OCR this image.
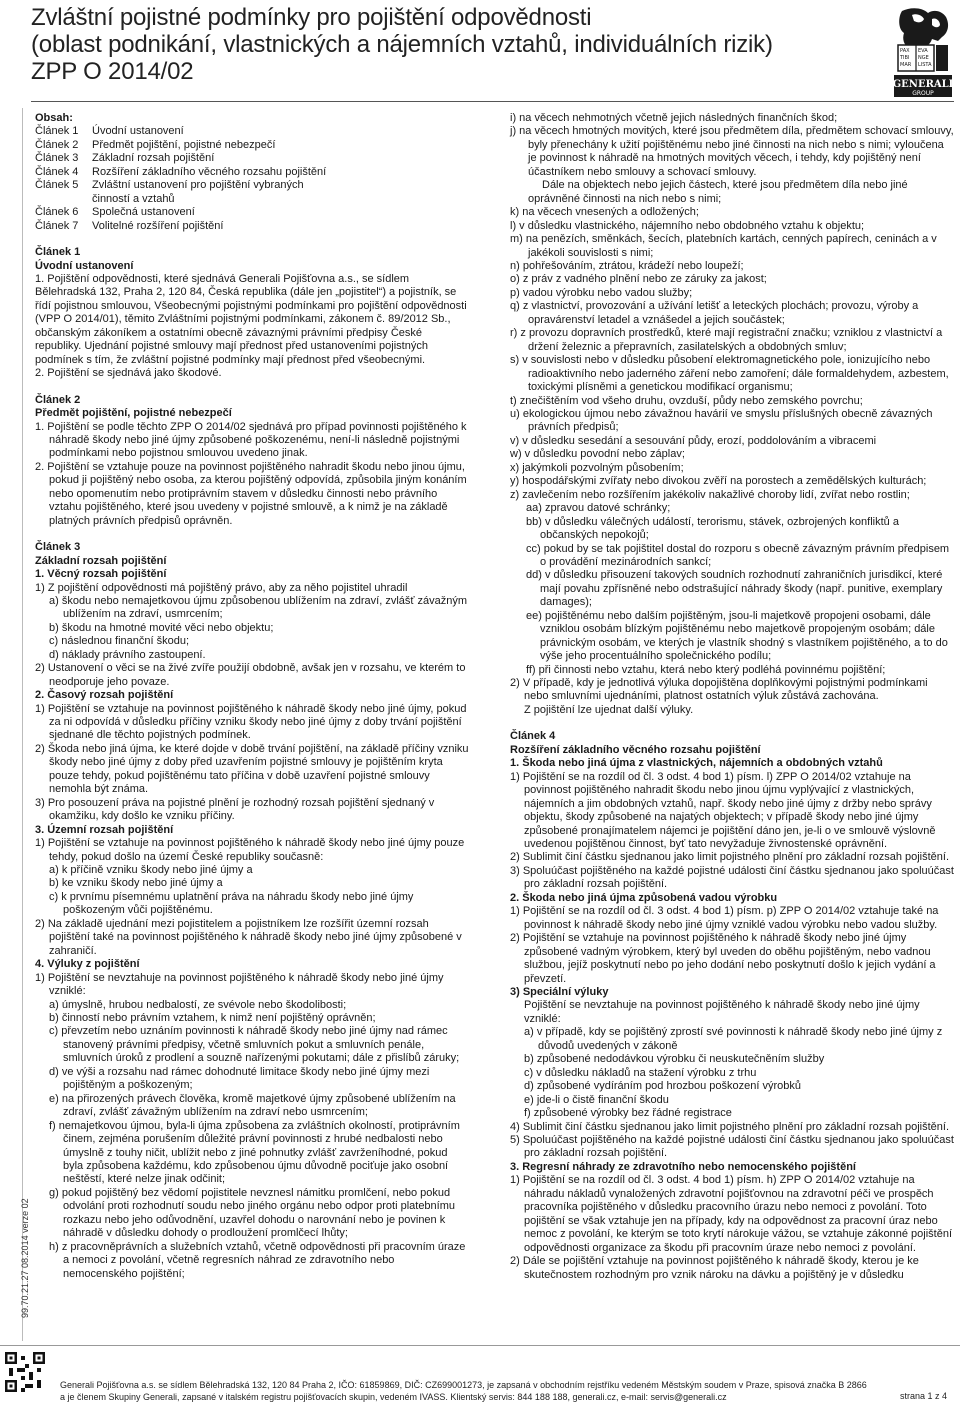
Zvláštní pojistné podmínky pro pojištění odpovědnosti
(oblast podnikání, vlastnických a nájemních vztahů, individuálních rizik)
ZPP O 2014/02
PAX EVA
TIBI NGE
MAR LISTA
GENERALI
GROUP
99.70.21.27 08.2014 verze 02

Obsah:

Článek 1	Úvodní ustanovení
Článek 2	Předmět pojištění, pojistné nebezpečí
Článek 3	Základní rozsah pojištění
Článek 4	Rozšíření základního věcného rozsahu pojištění
Článek 5	Zvláštní ustanovení pro pojištění vybraných činností a vztahů
Článek 6	Společná ustanovení
Článek 7	Volitelné rozšíření pojištění

Článek 1

Úvodní ustanovení

1. Pojištění odpovědnosti, které sjednává Generali Pojišťovna a.s., se sídlem Bělehradská 132, Praha 2, 120 84, Česká republika (dále jen „pojistitel“) a pojistník, se řídí pojistnou smlouvou, Všeobecnými pojistnými podmínkami pro pojištění odpovědnosti (VPP O 2014/01), těmito Zvláštními pojistnými podmínkami, zákonem č. 89/2012 Sb., občanským zákoníkem a ostatními obecně závaznými právními předpisy České republiky. Ujednání pojistné smlouvy mají přednost před ustanoveními pojistných podmínek s tím, že zvláštní pojistné podmínky mají přednost před všeobecnými.

2. Pojištění se sjednává jako škodové.

Článek 2

Předmět pojištění, pojistné nebezpečí

1. Pojištění se podle těchto ZPP O 2014/02 sjednává pro případ povinnosti pojištěného k náhradě škody nebo jiné újmy způsobené poškozenému, není-li následně pojistnými podmínkami nebo pojistnou smlouvou uvedeno jinak.

2. Pojištění se vztahuje pouze na povinnost pojištěného nahradit škodu nebo jinou újmu, pokud ji pojištěný nebo osoba, za kterou pojištěný odpovídá, způsobila jiným konáním nebo opomenutím nebo protiprávním stavem v důsledku činnosti nebo právního vztahu pojištěného, které jsou uvedeny v pojistné smlouvě, a k nimž je na základě platných právních předpisů oprávněn.

Článek 3

Základní rozsah pojištění

1. Věcný rozsah pojištění

1) Z pojištění odpovědnosti má pojištěný právo, aby za něho pojistitel uhradil

a) škodu nebo nemajetkovou újmu způsobenou ublížením na zdraví, zvlášť závažným ublížením na zdraví, usmrcením;

b) škodu na hmotné movité věci nebo objektu;

c) následnou finanční škodu;

d) náklady právního zastoupení.

2) Ustanovení o věci se na živé zvíře použijí obdobně, avšak jen v rozsahu, ve kterém to neodporuje jeho povaze.

2. Časový rozsah pojištění

1) Pojištění se vztahuje na povinnost pojištěného k náhradě škody nebo jiné újmy, pokud za ni odpovídá v důsledku příčiny vzniku škody nebo jiné újmy z doby trvání pojištění sjednané dle těchto pojistných podmínek.

2) Škoda nebo jiná újma, ke které dojde v době trvání pojištění, na základě příčiny vzniku škody nebo jiné újmy z doby před uzavřením pojistné smlouvy je pojištěním kryta pouze tehdy, pokud pojištěnému tato příčina v době uzavření pojistné smlouvy nemohla být známa.

3) Pro posouzení práva na pojistné plnění je rozhodný rozsah pojištění sjednaný v okamžiku, kdy došlo ke vzniku příčiny.

3. Územní rozsah pojištění

1) Pojištění se vztahuje na povinnost pojištěného k náhradě škody nebo jiné újmy pouze tehdy, pokud došlo na území České republiky současně:

a) k příčině vzniku škody nebo jiné újmy a

b) ke vzniku škody nebo jiné újmy a

c) k prvnímu písemnému uplatnění práva na náhradu škody nebo jiné újmy poškozeným vůči pojištěnému.

2) Na základě ujednání mezi pojistitelem a pojistníkem lze rozšířit územní rozsah pojištění také na povinnost pojištěného k náhradě škody nebo jiné újmy způsobené v zahraničí.

4. Výluky z pojištění

1) Pojištění se nevztahuje na povinnost pojištěného k náhradě škody nebo jiné újmy vzniklé:

a) úmyslně, hrubou nedbalostí, ze svévole nebo škodolibosti;

b) činností nebo právním vztahem, k nimž není pojištěný oprávněn;

c) převzetím nebo uznáním povinnosti k náhradě škody nebo jiné újmy nad rámec stanovený právními předpisy, včetně smluvních pokut a smluvních penále, smluvních úroků z prodlení a souzně nařízenými pokutami; dále z přislíbů záruky;

d) ve výši a rozsahu nad rámec dohodnuté limitace škody nebo jiné újmy mezi pojištěným a poškozeným;

e) na přirozených právech člověka, kromě majetkové újmy způsobené ublížením na zdraví, zvlášť závažným ublížením na zdraví nebo usmrcením;

f) nemajetkovou újmou, byla-li újma způsobena za zvláštních okolností, protiprávním činem, zejména porušením důležité právní povinnosti z hrubé nedbalosti nebo úmyslně z touhy ničit, ublížit nebo z jiné pohnutky zvlášť zavrženíhodné, pokud byla způsobena každému, kdo způsobenou újmu důvodně pociťuje jako osobní neštěstí, které nelze jinak odčinit;

g) pokud pojištěný bez vědomí pojistitele nevznesl námitku promlčení, nebo pokud odvolání proti rozhodnutí soudu nebo jiného orgánu nebo odpor proti platebnímu rozkazu nebo jeho odůvodnění, uzavřel dohodu o narovnání nebo je povinen k náhradě v důsledku dohody o prodloužení promlčecí lhůty;

h) z pracovněprávních a služebních vztahů, včetně odpovědnosti při pracovním úraze a nemoci z povolání, včetně regresních náhrad ze zdravotního nebo nemocenského pojištění;

i) na věcech nehmotných včetně jejich následných finančních škod;

j) na věcech hmotných movitých, které jsou předmětem díla, předmětem schovací smlouvy, byly přenechány k užití pojištěnému nebo jiné činnosti na nich nebo s nimi; vyloučena je povinnost k náhradě na hmotných movitých věcech, i tehdy, kdy pojištěný není účastníkem nebo smlouvy a schovací smlouvy.

Dále na objektech nebo jejich částech, které jsou předmětem díla nebo jiné oprávněné činnosti na nich nebo s nimi;

k) na věcech vnesených a odložených;

l) v důsledku vlastnického, nájemního nebo obdobného vztahu k objektu;

m) na penězích, směnkách, šecích, platebních kartách, cenných papírech, ceninách a v jakékoli souvislosti s nimi;

n) pohřešováním, ztrátou, krádeží nebo loupeží;

o) z práv z vadného plnění nebo ze záruky za jakost;

p) vadou výrobku nebo vadou služby;

q) z vlastnictví, provozování a užívání letišť a leteckých plochách; provozu, výroby a opravárenství letadel a vznášedel a jejich součástek;

r) z provozu dopravních prostředků, které mají registrační značku; vzniklou z vlastnictví a držení železnic a přepravních, zasilatelských a obdobných smluv;

s) v souvislosti nebo v důsledku působení elektromagnetického pole, ionizujícího nebo radioaktivního nebo jaderného záření nebo zamoření; dále formaldehydem, azbestem, toxickými plísněmi a genetickou modifikací organismu;

t) znečištěním vod všeho druhu, ovzduší, půdy nebo zemského povrchu;

u) ekologickou újmou nebo závažnou havárií ve smyslu příslušných obecně závazných právních předpisů;

v) v důsledku sesedání a sesouvání půdy, erozí, poddolováním a vibracemi

w) v důsledku povodní nebo záplav;

x) jakýmkoli pozvolným působením;

y) hospodářskými zvířaty nebo divokou zvěří na porostech a zemědělských kulturách;

z) zavlečením nebo rozšířením jakékoliv nakažlivé choroby lidí, zvířat nebo rostlin;

aa) zpravou datové schránky;

bb) v důsledku válečných událostí, terorismu, stávek, ozbrojených konfliktů a občanských nepokojů;

cc) pokud by se tak pojištitel dostal do rozporu s obecně závazným právním předpisem o provádění mezinárodních sankcí;

dd) v důsledku přisouzení takových soudních rozhodnutí zahraničních jurisdikcí, které mají povahu zpřísněné nebo odstrašující náhrady škody (např. punitive, exemplary damages);

ee) pojištěnému nebo dalším pojištěným, jsou-li majetkově propojeni osobami, dále vzniklou osobám blízkým pojištěnému nebo majetkově propojeným osobám; dále právnickým osobám, ve kterých je vlastník shodný s vlastníkem pojištěného, a to do výše jeho procentuálního společnického podílu;

ff) při činnosti nebo vztahu, která nebo který podléhá povinnému pojištění;

2) V případě, kdy je jednotlivá výluka dopojištěna doplňkovými pojistnými podmínkami nebo smluvními ujednáními, platnost ostatních výluk zůstává zachována.

Z pojištění lze ujednat další výluky.

Článek 4

Rozšíření základního věcného rozsahu pojištění

1. Škoda nebo jiná újma z vlastnických, nájemních a obdobných vztahů

1) Pojištění se na rozdíl od čl. 3 odst. 4 bod 1) písm. l) ZPP O 2014/02 vztahuje na povinnost pojištěného nahradit škodu nebo jinou újmu vyplývající z vlastnických, nájemních a jim obdobných vztahů, např. škody nebo jiné újmy z držby nebo správy objektu, škody způsobené na najatých objektech; v případě škody nebo jiné újmy způsobené pronajímatelem nájemci je pojištění dáno jen, je-li o ve smlouvě výslovně uvedenou pojištěnou činnost, byť tato nevyžaduje živnostenské oprávnění.

2) Sublimit činí částku sjednanou jako limit pojistného plnění pro základní rozsah pojištění.

3) Spoluúčast pojištěného na každé pojistné události činí částku sjednanou jako spoluúčast pro základní rozsah pojištění.

2. Škoda nebo jiná újma způsobená vadou výrobku

1) Pojištění se na rozdíl od čl. 3 odst. 4 bod 1) písm. p) ZPP O 2014/02 vztahuje také na povinnost k náhradě škody nebo jiné újmy vzniklé vadou výrobku nebo vadou služby.

2) Pojištění se vztahuje na povinnost pojištěného k náhradě škody nebo jiné újmy způsobené vadným výrobkem, který byl uveden do oběhu pojištěným, nebo vadnou službou, jejíž poskytnutí nebo po jeho dodání nebo poskytnutí došlo k jejich vydání a převzetí.

3) Speciální výluky

Pojištění se nevztahuje na povinnost pojištěného k náhradě škody nebo jiné újmy vzniklé:

a) v případě, kdy se pojištěný zprostí své povinnosti k náhradě škody nebo jiné újmy z důvodů uvedených v zákoně

b) způsobené nedodávkou výrobku či neuskutečněním služby

c) v důsledku nákladů na stažení výrobku z trhu

d) způsobené vydíráním pod hrozbou poškození výrobků

e) jde-li o čistě finanční škodu

f) způsobené výrobky bez řádné registrace

4) Sublimit činí částku sjednanou jako limit pojistného plnění pro základní rozsah pojištění.

5) Spoluúčast pojištěného na každé pojistné události činí částku sjednanou jako spoluúčast pro základní rozsah pojištění.

3. Regresní náhrady ze zdravotního nebo nemocenského pojištění

1) Pojištění se na rozdíl od čl. 3 odst. 4 bod 1) písm. h) ZPP O 2014/02 vztahuje na náhradu nákladů vynaložených zdravotní pojišťovnou na zdravotní péči ve prospěch pracovníka pojištěného v důsledku pracovního úrazu nebo nemoci z povolání. Toto pojištění se však vztahuje jen na případy, kdy na odpovědnost za pracovní úraz nebo nemoc z povolání, ke kterým se toto krytí nárokuje vážou, se vztahuje zákonné pojištění odpovědnosti organizace za škodu při pracovním úraze nebo nemoci z povolání.

2) Dále se pojištění vztahuje na povinnost pojištěného k náhradě škody, kterou je ke skutečnostem rozhodným pro vznik nároku na dávku a pojištěný je v důsledku

Generali Pojišťovna a.s. se sídlem Bělehradská 132, 120 84 Praha 2, IČO: 61859869, DIČ: CZ699001273, je zapsaná v obchodním rejstříku vedeném Městským soudem v Praze, spisová značka B 2866

a je členem Skupiny Generali, zapsané v italském registru pojišťovacích skupin, vedeném IVASS. Klientský servis: 844 188 188, generali.cz, e-mail: servis@generali.cz	strana 1 z 4
